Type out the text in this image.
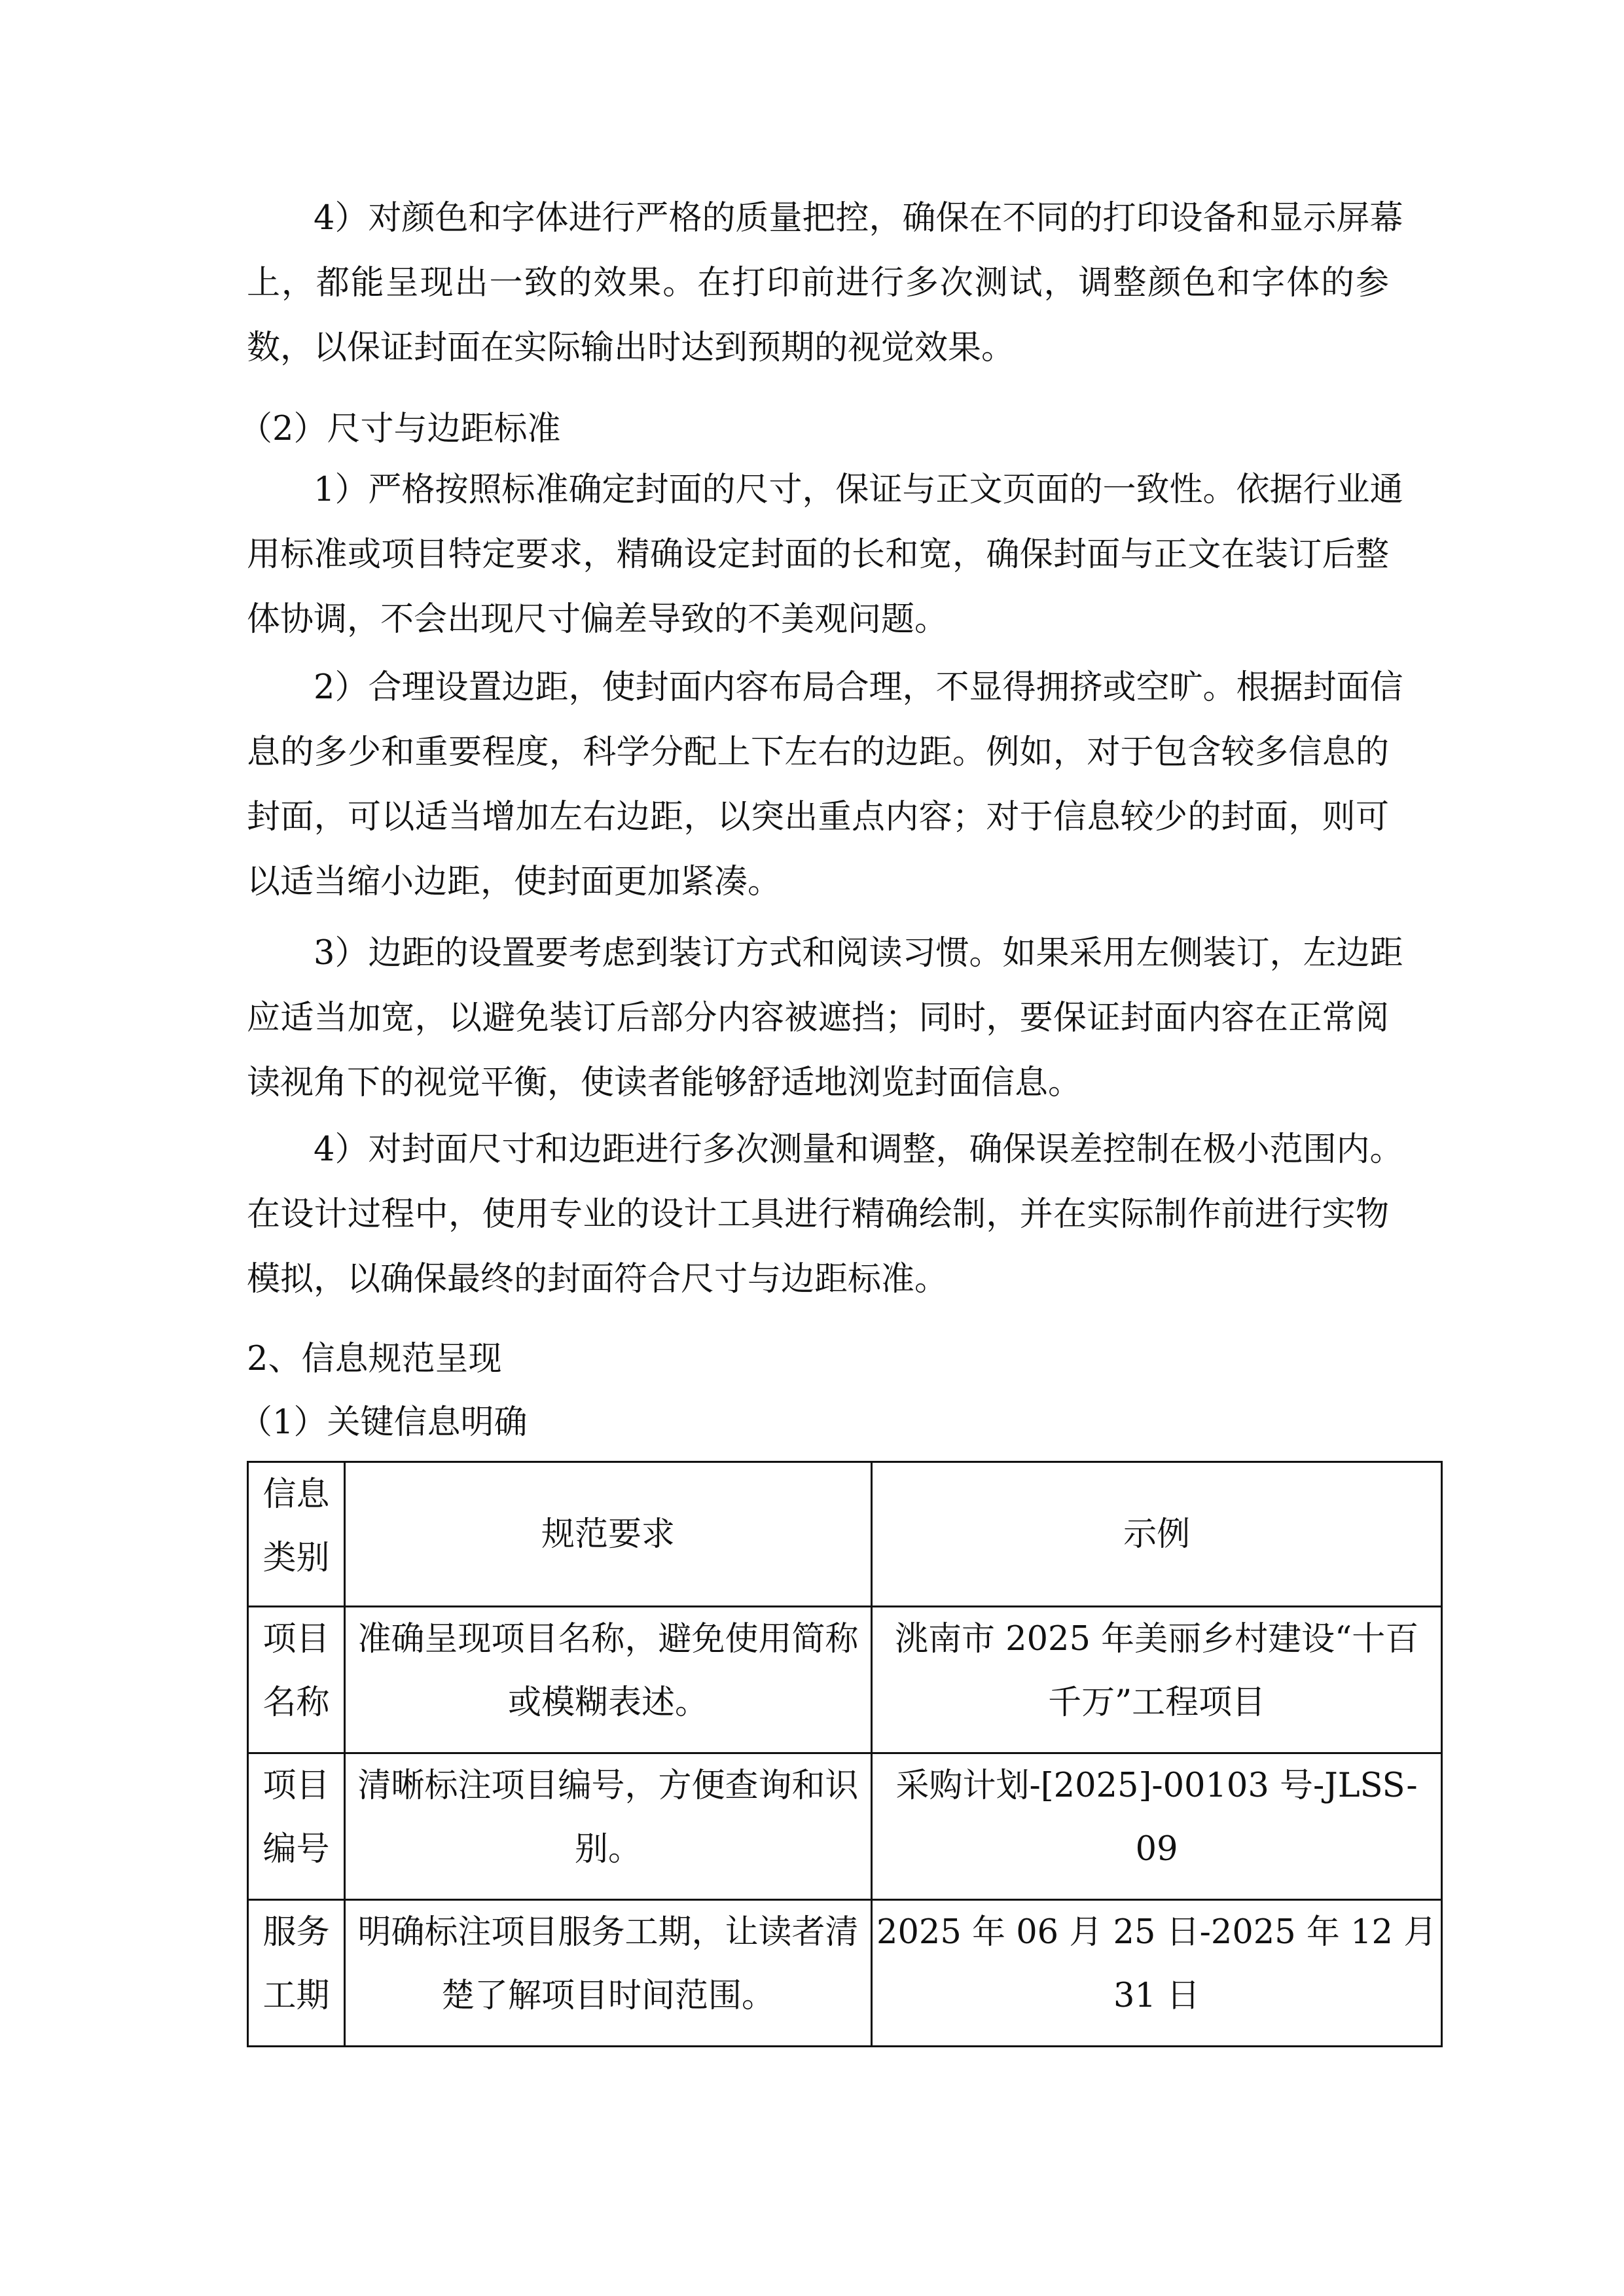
4）对颜色和字体进行严格的质量把控，确保在不同的打印设备和显示屏幕
上，都能呈现出一致的效果。在打印前进行多次测试，调整颜色和字体的参
数，以保证封面在实际输出时达到预期的视觉效果。
（2）尺寸与边距标准
1）严格按照标准确定封面的尺寸，保证与正文页面的一致性。依据行业通
用标准或项目特定要求，精确设定封面的长和宽，确保封面与正文在装订后整
体协调，不会出现尺寸偏差导致的不美观问题。
2）合理设置边距，使封面内容布局合理，不显得拥挤或空旷。根据封面信
息的多少和重要程度，科学分配上下左右的边距。例如，对于包含较多信息的
封面，可以适当增加左右边距，以突出重点内容；对于信息较少的封面，则可
以适当缩小边距，使封面更加紧凑。
3）边距的设置要考虑到装订方式和阅读习惯。如果采用左侧装订，左边距
应适当加宽，以避免装订后部分内容被遮挡；同时，要保证封面内容在正常阅
读视角下的视觉平衡，使读者能够舒适地浏览封面信息。
4）对封面尺寸和边距进行多次测量和调整，确保误差控制在极小范围内。
在设计过程中，使用专业的设计工具进行精确绘制，并在实际制作前进行实物
模拟，以确保最终的封面符合尺寸与边距标准。
2、信息规范呈现
（1）关键信息明确
信息
类别	规范要求	示例

项目
名称	准确呈现项目名称，避免使用简称
或模糊表述。	洮南市 2025 年美丽乡村建设“十百
千万”工程项目

项目
编号	清晰标注项目编号，方便查询和识
别。	采购计划-[2025]-00103 号-JLSS-
09

服务
工期	明确标注项目服务工期，让读者清
楚了解项目时间范围。	2025 年 06 月 25 日-2025 年 12 月
31 日
